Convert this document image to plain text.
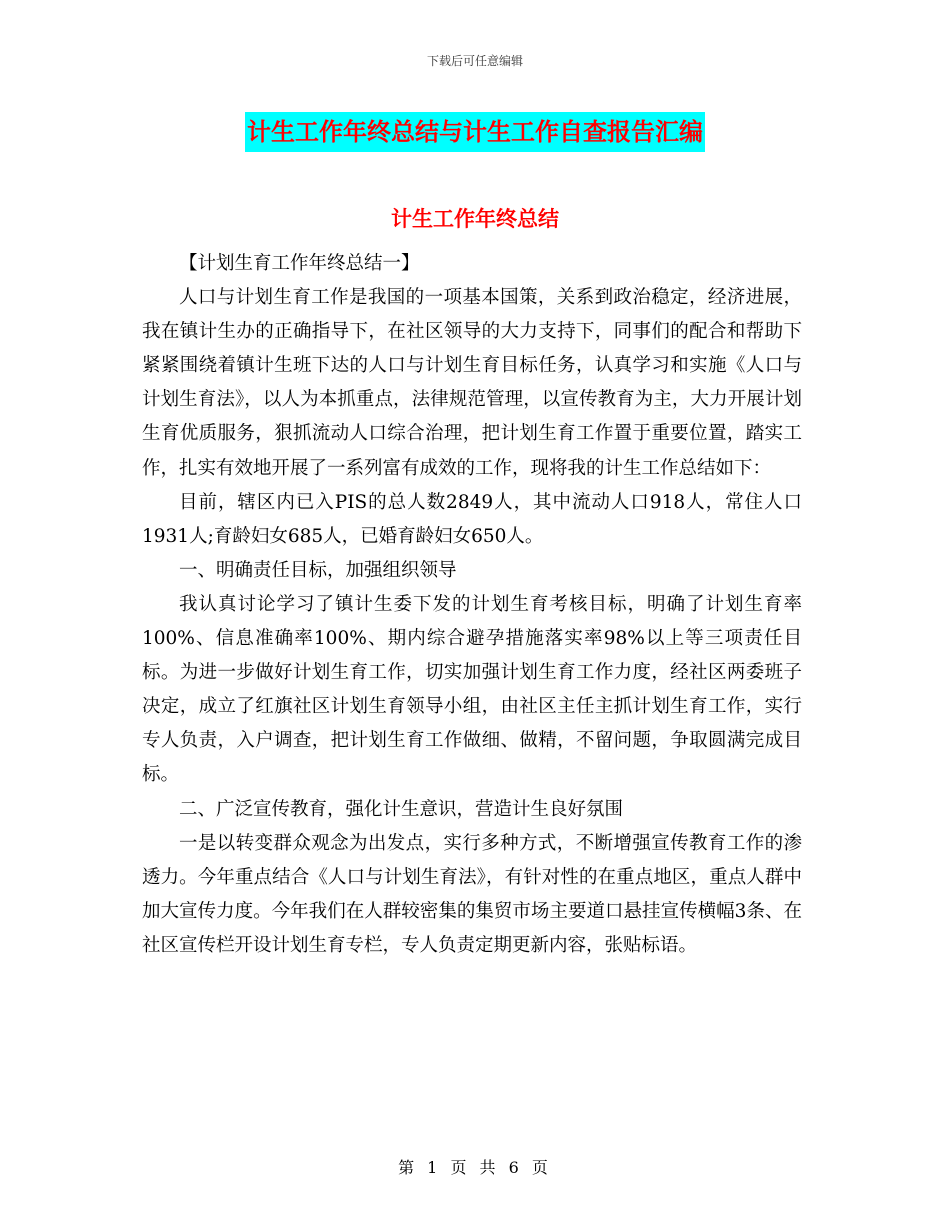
下载后可任意编辑
计生工作年终总结与计生工作自查报告汇编
计生工作年终总结

【计划生育工作年终总结一】

人口与计划生育工作是我国的一项基本国策，关系到政治稳定，经济进展，我在镇计生办的正确指导下，在社区领导的大力支持下，同事们的配合和帮助下紧紧围绕着镇计生班下达的人口与计划生育目标任务，认真学习和实施《人口与计划生育法》，以人为本抓重点，法律规范管理，以宣传教育为主，大力开展计划生育优质服务，狠抓流动人口综合治理，把计划生育工作置于重要位置，踏实工作，扎实有效地开展了一系列富有成效的工作，现将我的计生工作总结如下：

目前，辖区内已入PIS的总人数2849人，其中流动人口918人，常住人口1931人;育龄妇女685人，已婚育龄妇女650人。

一、明确责任目标，加强组织领导

我认真讨论学习了镇计生委下发的计划生育考核目标，明确了计划生育率100%、信息准确率100%、期内综合避孕措施落实率98%以上等三项责任目标。为进一步做好计划生育工作，切实加强计划生育工作力度，经社区两委班子决定，成立了红旗社区计划生育领导小组，由社区主任主抓计划生育工作，实行专人负责，入户调查，把计划生育工作做细、做精，不留问题，争取圆满完成目标。

二、广泛宣传教育，强化计生意识，营造计生良好氛围

一是以转变群众观念为出发点，实行多种方式，不断增强宣传教育工作的渗透力。今年重点结合《人口与计划生育法》，有针对性的在重点地区，重点人群中加大宣传力度。今年我们在人群较密集的集贸市场主要道口悬挂宣传横幅3条、在社区宣传栏开设计划生育专栏，专人负责定期更新内容，张贴标语。

第 1 页 共 6 页
